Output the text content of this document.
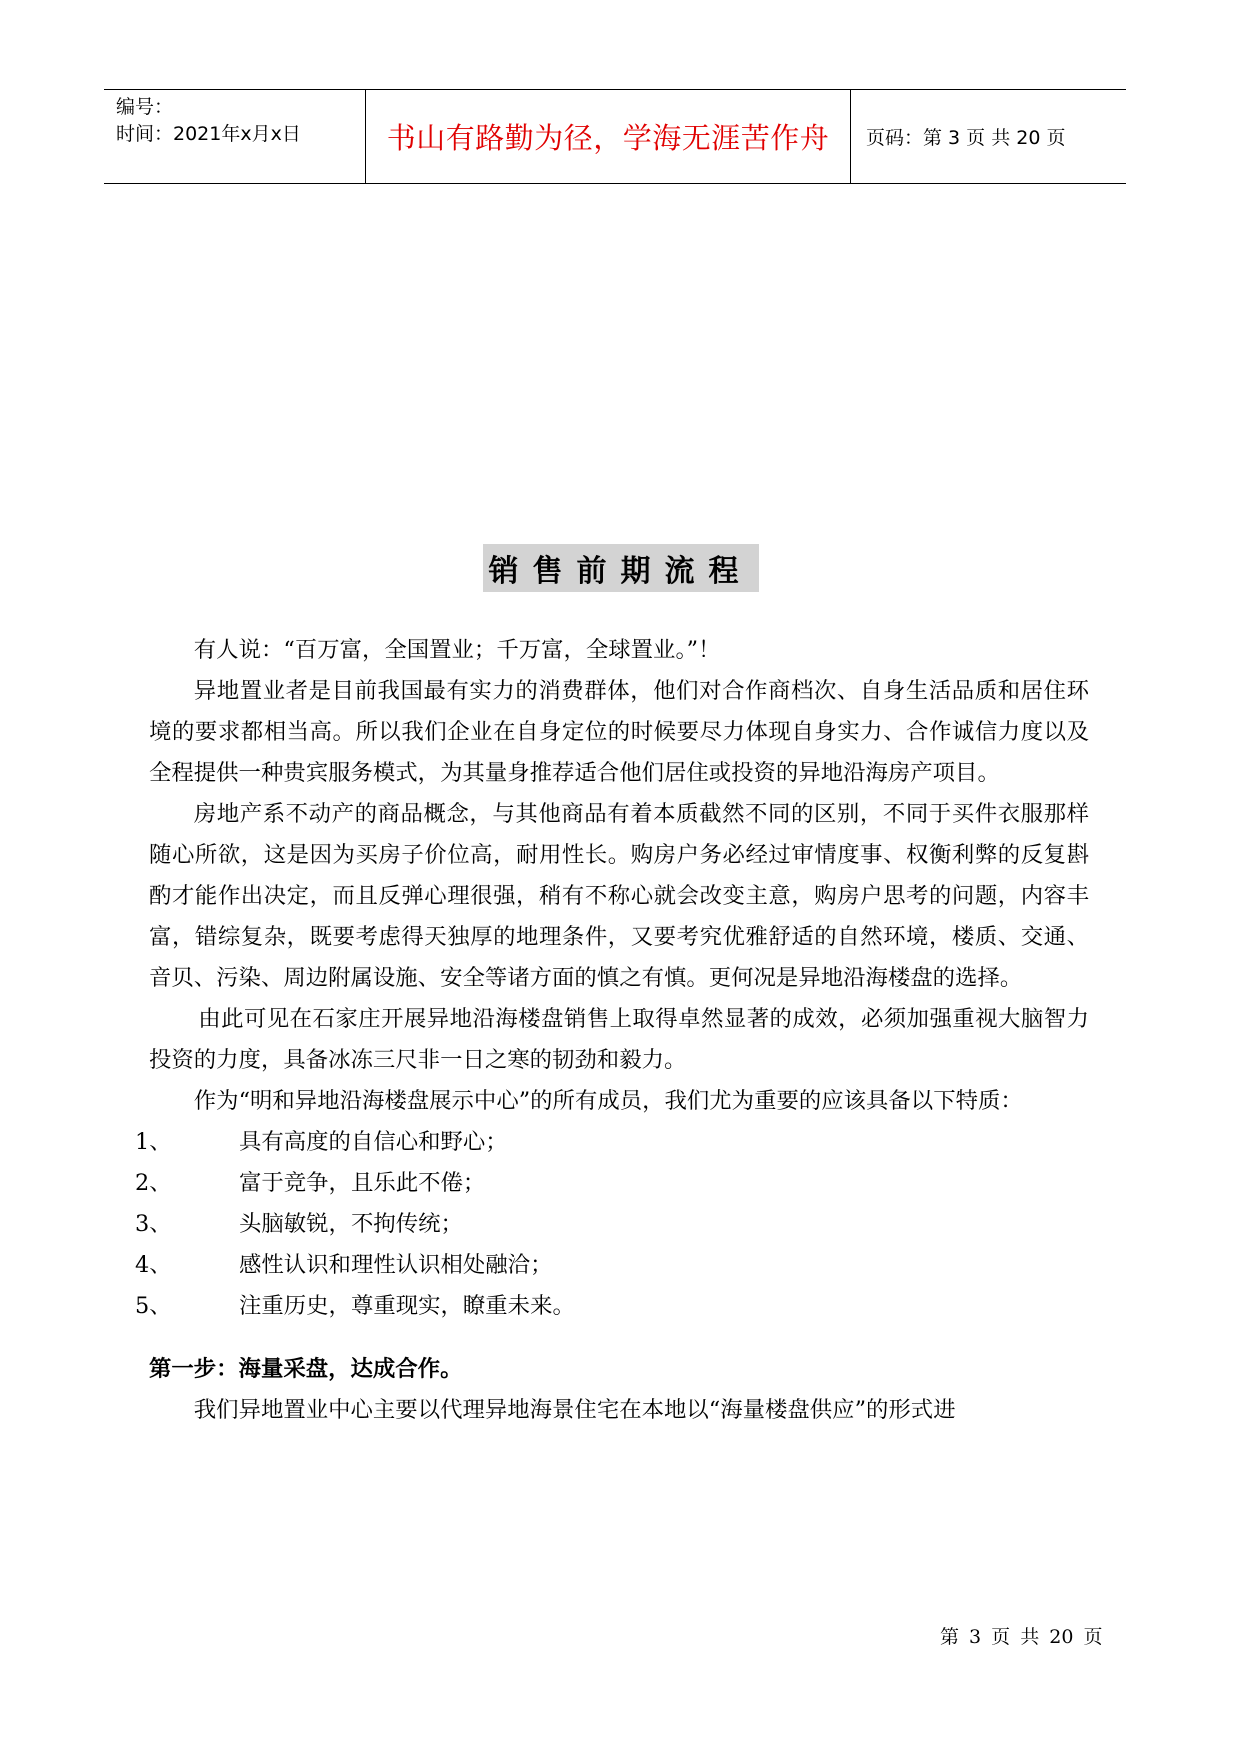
编号：
时间：2021年x月x日	书山有路勤为径，学海无涯苦作舟	页码：第 3 页 共 20 页
销售前期流程

有人说：“百万富，全国置业；千万富，全球置业。”！

异地置业者是目前我国最有实力的消费群体，他们对合作商档次、自身生活品质和居住环境的要求都相当高。所以我们企业在自身定位的时候要尽力体现自身实力、合作诚信力度以及全程提供一种贵宾服务模式，为其量身推荐适合他们居住或投资的异地沿海房产项目。

房地产系不动产的商品概念，与其他商品有着本质截然不同的区别，不同于买件衣服那样随心所欲，这是因为买房子价位高，耐用性长。购房户务必经过审情度事、权衡利弊的反复斟酌才能作出决定，而且反弹心理很强，稍有不称心就会改变主意，购房户思考的问题，内容丰富，错综复杂，既要考虑得天独厚的地理条件，又要考究优雅舒适的自然环境，楼质、交通、音贝、污染、周边附属设施、安全等诸方面的慎之有慎。更何况是异地沿海楼盘的选择。

由此可见在石家庄开展异地沿海楼盘销售上取得卓然显著的成效，必须加强重视大脑智力投资的力度，具备冰冻三尺非一日之寒的韧劲和毅力。

作为“明和异地沿海楼盘展示中心”的所有成员，我们尤为重要的应该具备以下特质：

1、	具有高度的自信心和野心；
2、	富于竞争，且乐此不倦；
3、	头脑敏锐，不拘传统；
4、	感性认识和理性认识相处融洽；
5、	注重历史，尊重现实，瞭重未来。

第一步：海量采盘，达成合作。

我们异地置业中心主要以代理异地海景住宅在本地以“海量楼盘供应”的形式进

第 3 页 共 20 页
